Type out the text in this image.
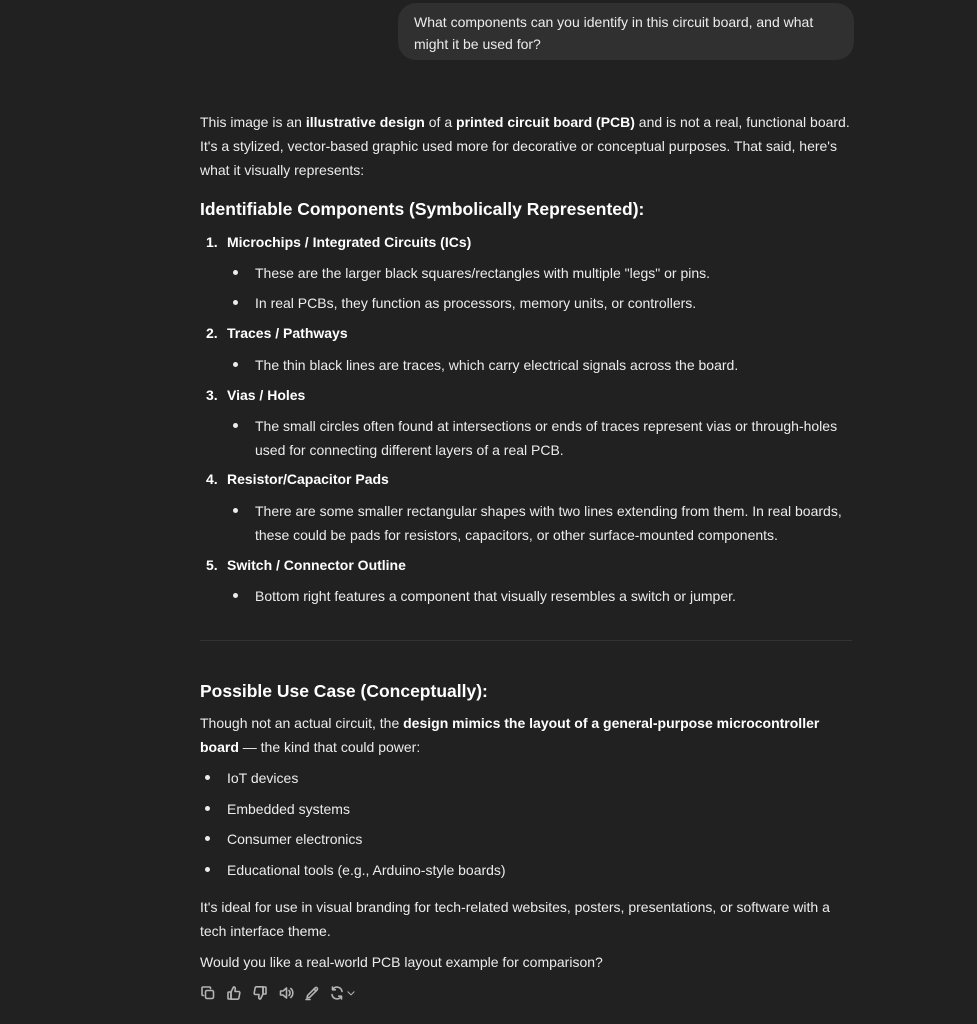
What components can you identify in this circuit board, and what might it be used for?
This image is an illustrative design of a printed circuit board (PCB) and is not a real, functional board. It's a stylized, vector-based graphic used more for decorative or conceptual purposes. That said, here's what it visually represents:
Identifiable Components (Symbolically Represented):
1. Microchips / Integrated Circuits (ICs)
These are the larger black squares/rectangles with multiple "legs" or pins.
In real PCBs, they function as processors, memory units, or controllers.
2. Traces / Pathways
The thin black lines are traces, which carry electrical signals across the board.
3. Vias / Holes
The small circles often found at intersections or ends of traces represent vias or through-holes used for connecting different layers of a real PCB.
4. Resistor/Capacitor Pads
There are some smaller rectangular shapes with two lines extending from them. In real boards, these could be pads for resistors, capacitors, or other surface-mounted components.
5. Switch / Connector Outline
Bottom right features a component that visually resembles a switch or jumper.
Possible Use Case (Conceptually):
Though not an actual circuit, the design mimics the layout of a general-purpose microcontroller board — the kind that could power:
IoT devices
Embedded systems
Consumer electronics
Educational tools (e.g., Arduino-style boards)
It's ideal for use in visual branding for tech-related websites, posters, presentations, or software with a tech interface theme.
Would you like a real-world PCB layout example for comparison?
